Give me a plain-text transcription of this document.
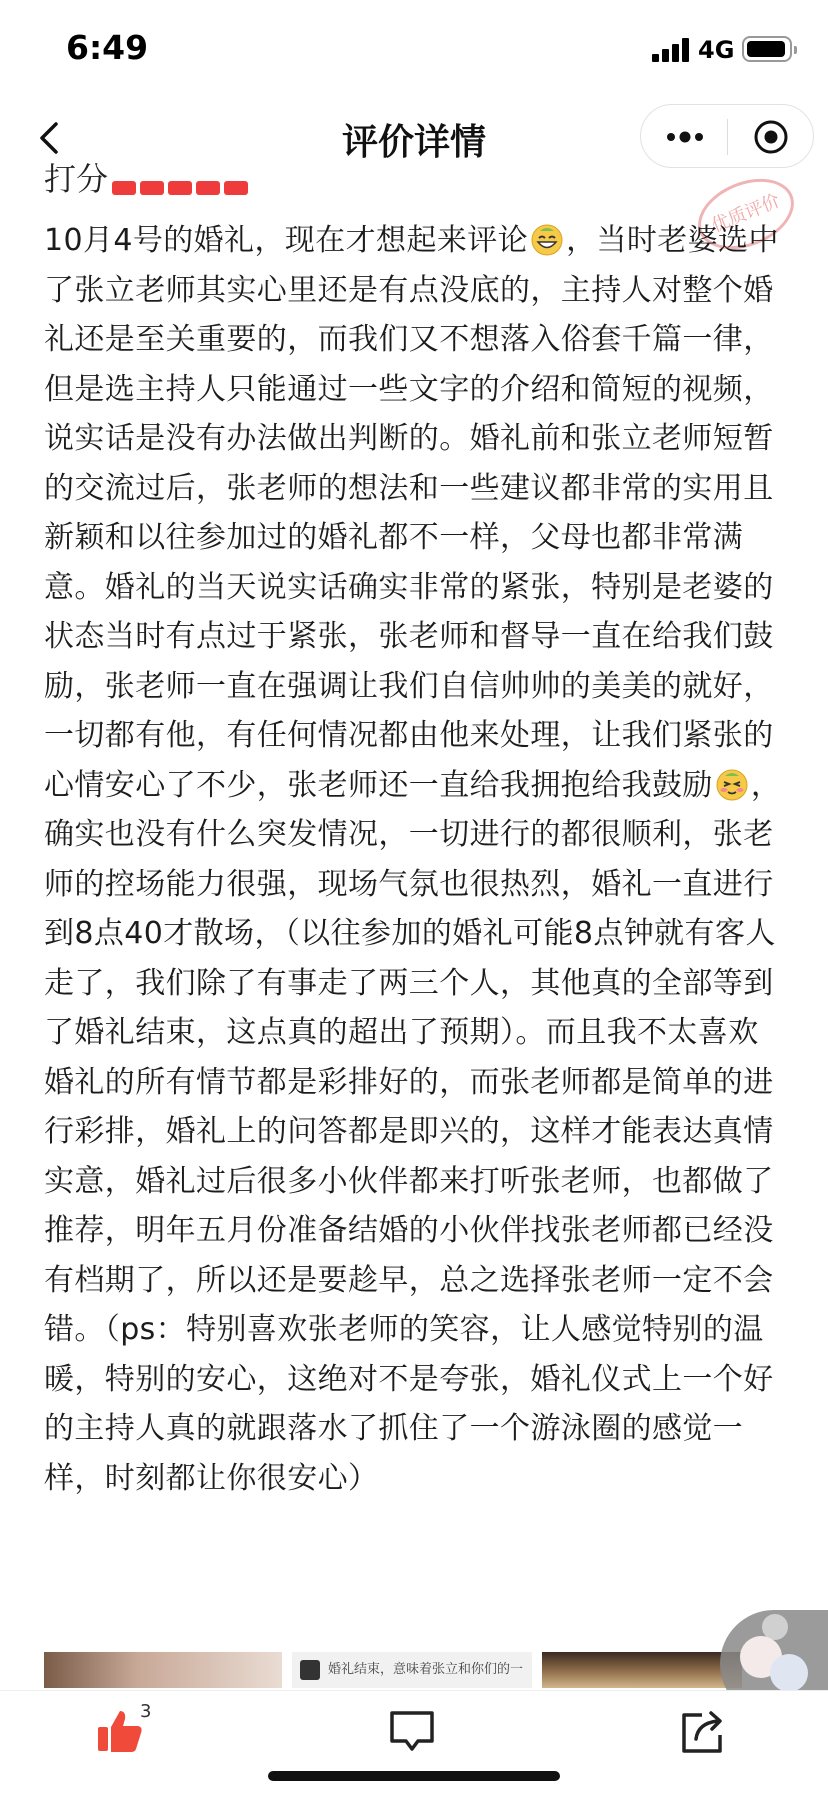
6:49	4G
评价详情
打分
优质评价

10月4号的婚礼，现在才想起来评论 ，当时老婆选中了张立老师其实心里还是有点没底的，主持人对整个婚礼还是至关重要的，而我们又不想落入俗套千篇一律，但是选主持人只能通过一些文字的介绍和简短的视频，说实话是没有办法做出判断的。婚礼前和张立老师短暂的交流过后，张老师的想法和一些建议都非常的实用且新颖和以往参加过的婚礼都不一样，父母也都非常满意。婚礼的当天说实话确实非常的紧张，特别是老婆的状态当时有点过于紧张，张老师和督导一直在给我们鼓励，张老师一直在强调让我们自信帅帅的美美的就好，一切都有他，有任何情况都由他来处理，让我们紧张的心情安心了不少，张老师还一直给我拥抱给我鼓励 ，确实也没有什么突发情况，一切进行的都很顺利，张老师的控场能力很强，现场气氛也很热烈，婚礼一直进行到8点40才散场，（以往参加的婚礼可能8点钟就有客人走了，我们除了有事走了两三个人，其他真的全部等到了婚礼结束，这点真的超出了预期）。而且我不太喜欢婚礼的所有情节都是彩排好的，而张老师都是简单的进行彩排，婚礼上的问答都是即兴的，这样才能表达真情实意，婚礼过后很多小伙伴都来打听张老师，也都做了推荐，明年五月份准备结婚的小伙伴找张老师都已经没有档期了，所以还是要趁早，总之选择张老师一定不会错。（ps：特别喜欢张老师的笑容，让人感觉特别的温暖，特别的安心，这绝对不是夸张，婚礼仪式上一个好的主持人真的就跟落水了抓住了一个游泳圈的感觉一样，时刻都让你很安心）

婚礼结束，意味着张立和你们的一
3
